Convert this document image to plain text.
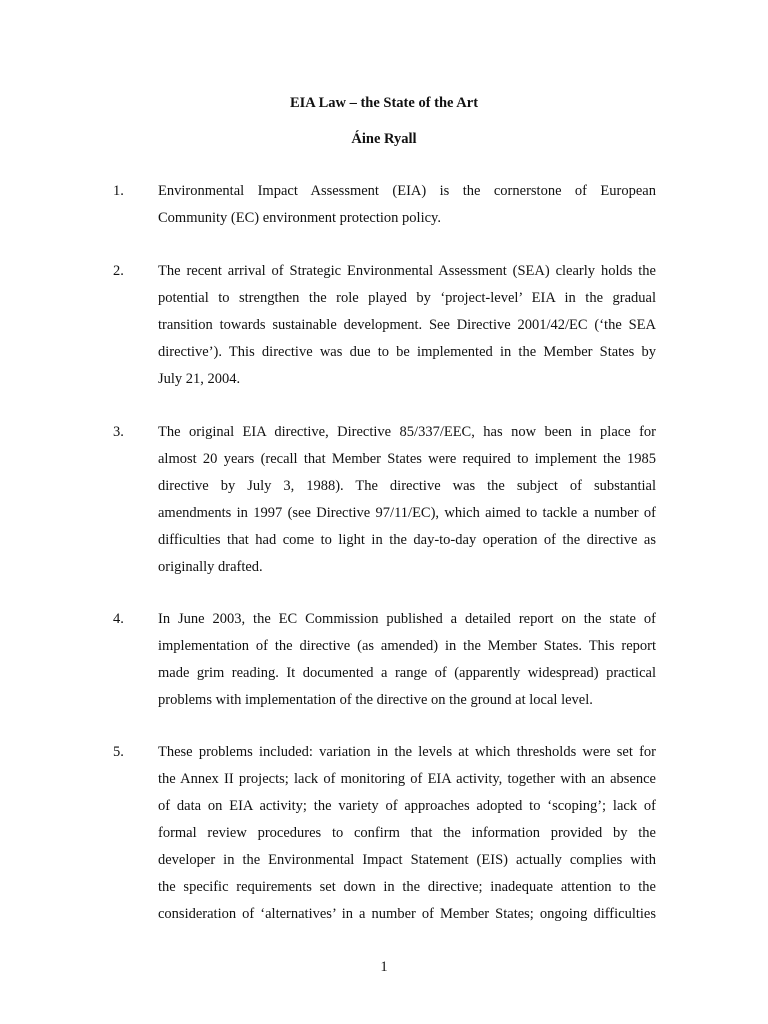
EIA Law – the State of the Art
Áine Ryall
1. Environmental Impact Assessment (EIA) is the cornerstone of European
Community (EC) environment protection policy.
2. The recent arrival of Strategic Environmental Assessment (SEA) clearly holds the
potential to strengthen the role played by ‘project-level’ EIA in the gradual
transition towards sustainable development. See Directive 2001/42/EC (‘the SEA
directive’). This directive was due to be implemented in the Member States by
July 21, 2004.
3. The original EIA directive, Directive 85/337/EEC, has now been in place for
almost 20 years (recall that Member States were required to implement the 1985
directive by July 3, 1988). The directive was the subject of substantial
amendments in 1997 (see Directive 97/11/EC), which aimed to tackle a number of
difficulties that had come to light in the day-to-day operation of the directive as
originally drafted.
4. In June 2003, the EC Commission published a detailed report on the state of
implementation of the directive (as amended) in the Member States. This report
made grim reading. It documented a range of (apparently widespread) practical
problems with implementation of the directive on the ground at local level.
5. These problems included: variation in the levels at which thresholds were set for
the Annex II projects; lack of monitoring of EIA activity, together with an absence
of data on EIA activity; the variety of approaches adopted to ‘scoping’; lack of
formal review procedures to confirm that the information provided by the
developer in the Environmental Impact Statement (EIS) actually complies with
the specific requirements set down in the directive; inadequate attention to the
consideration of ‘alternatives’ in a number of Member States; ongoing difficulties
1
